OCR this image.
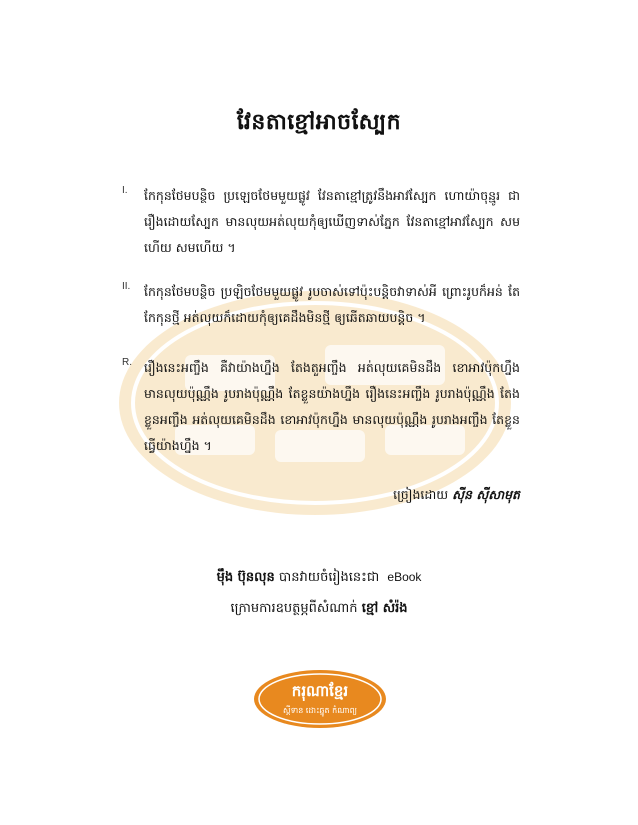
វែនតាខ្មៅអាចស្បែក
I. កែកុនថែមបន្ថិច ប្រឡេចថែមមួយផ្លូវ វែនតាខ្មៅត្រូវនឹងអាវស្បែក ហោយ៉ាចុន្មូរ ជារឿងដោយស្បែក មានលុយអត់លុយកុំឲ្យឃើញទាស់ភ្នែក វែនតាខ្មៅអាវស្បែក សមហើយ សមហើយ ។
II. កែកុនថែមបន្ថិច ប្រឡិចថែមមួយផ្លូវ រូបចាស់ទៅប៉ុះបន្តិចវាទាស់អី ព្រោះរូបក៏អន់ តែកែកុនថ្មី អត់លុយក៏ដោយកុំឲ្យគេដឹងមិនថ្មី ឲ្យឆើតឆាយបន្តិច ។
R. រឿងនេះអញ្ចឹង គឺវាយ៉ាងហ្នឹង តែងតួអញ្ចឹង អត់លុយគេមិនដឹង ខោអាវប៉ុកហ្នឹង មានលុយប៉ុណ្ណឹង រូបរាងប៉ុណ្ណឹង តែខ្លួនយ៉ាងហ្នឹង រឿងនេះអញ្ចឹង រូបរាងប៉ុណ្ណឹង តែងខ្លួនអញ្ចឹង អត់លុយគេមិនដឹង ខោអាវប៉ុកហ្នឹង មានលុយប៉ុណ្ណឹង រូបរាងអញ្ចឹង តែខ្លួនធ្វើយ៉ាងហ្នឹង ។
ច្រៀងដោយ ស៊ីន ស៊ីសាមុត
ម៉ឹង ប៊ុនលុន បានវាយចំរៀងនេះជា eBook
ក្រោមការឧបត្ថម្ភពីសំណាក់ ខ្មៅ សំរ៉ង
ករុណាខ្មែរ
ស្តីទាន ដោះឆ្នូត កំណាព្យ
